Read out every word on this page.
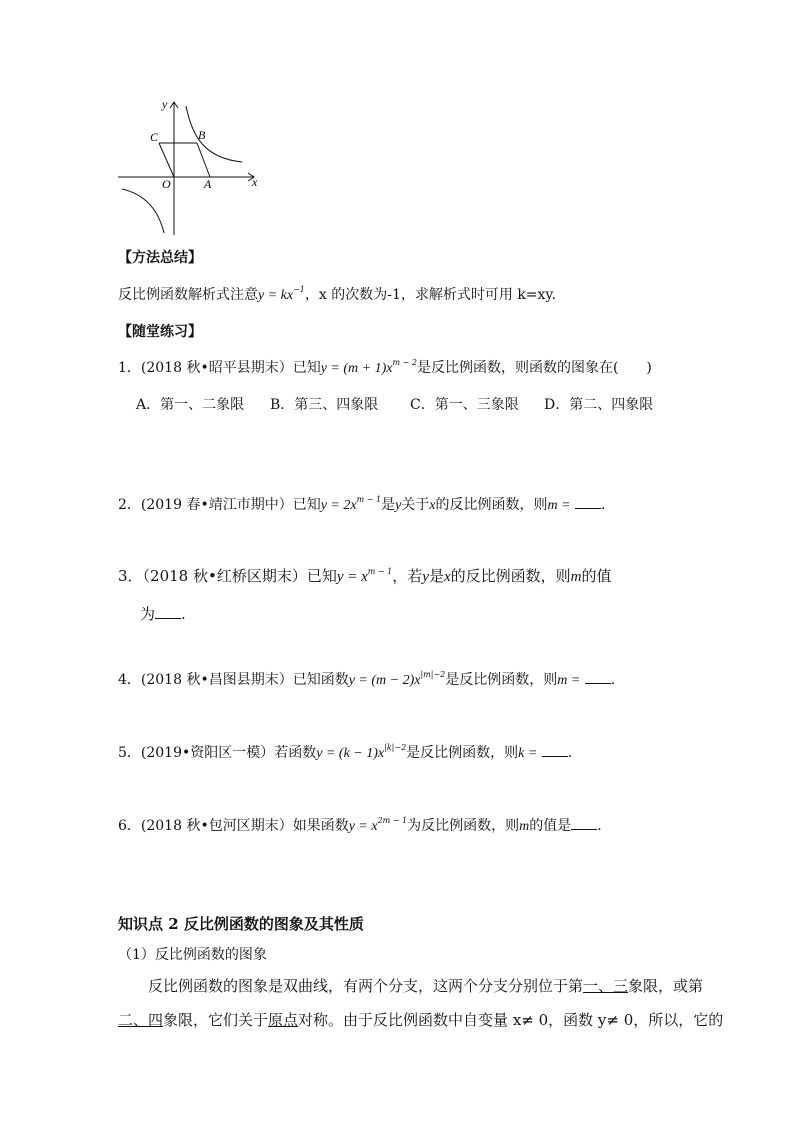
y
x
O	A
B
C
【方法总结】
反比例函数解析式注意$y = kx^{-1}$，x 的次数为-1，求解析式时可用 k=xy.
【随堂练习】
1．(2018 秋•昭平县期末）已知$y = (m + 1)x^{m - 2}$是反比例函数，则函数的图象在(　　)
A．第一、二象限 B．第三、四象限 C．第一、三象限 D．第二、四象限
2．(2019 春•靖江市期中）已知$y = 2x^{m - 1}$是y关于x的反比例函数，则m = .
3．（2018 秋•红桥区期末）已知$y = x^{m - 1}$，若y是x的反比例函数，则m的值
为 .
4．(2018 秋•昌图县期末）已知函数$y = (m - 2)x^{|m|-2}$是反比例函数，则m = .
5．(2019•资阳区一模）若函数$y = (k - 1)x^{|k|-2}$是反比例函数，则k = .
6．(2018 秋•包河区期末）如果函数$y = x^{2m - 1}$为反比例函数，则m的值是 .
知识点 2 反比例函数的图象及其性质
（1）反比例函数的图象
反比例函数的图象是双曲线，有两个分支，这两个分支分别位于第一、三象限，或第
二、四象限，它们关于原点对称。由于反比例函数中自变量 x≠ 0，函数 y≠ 0，所以，它的
